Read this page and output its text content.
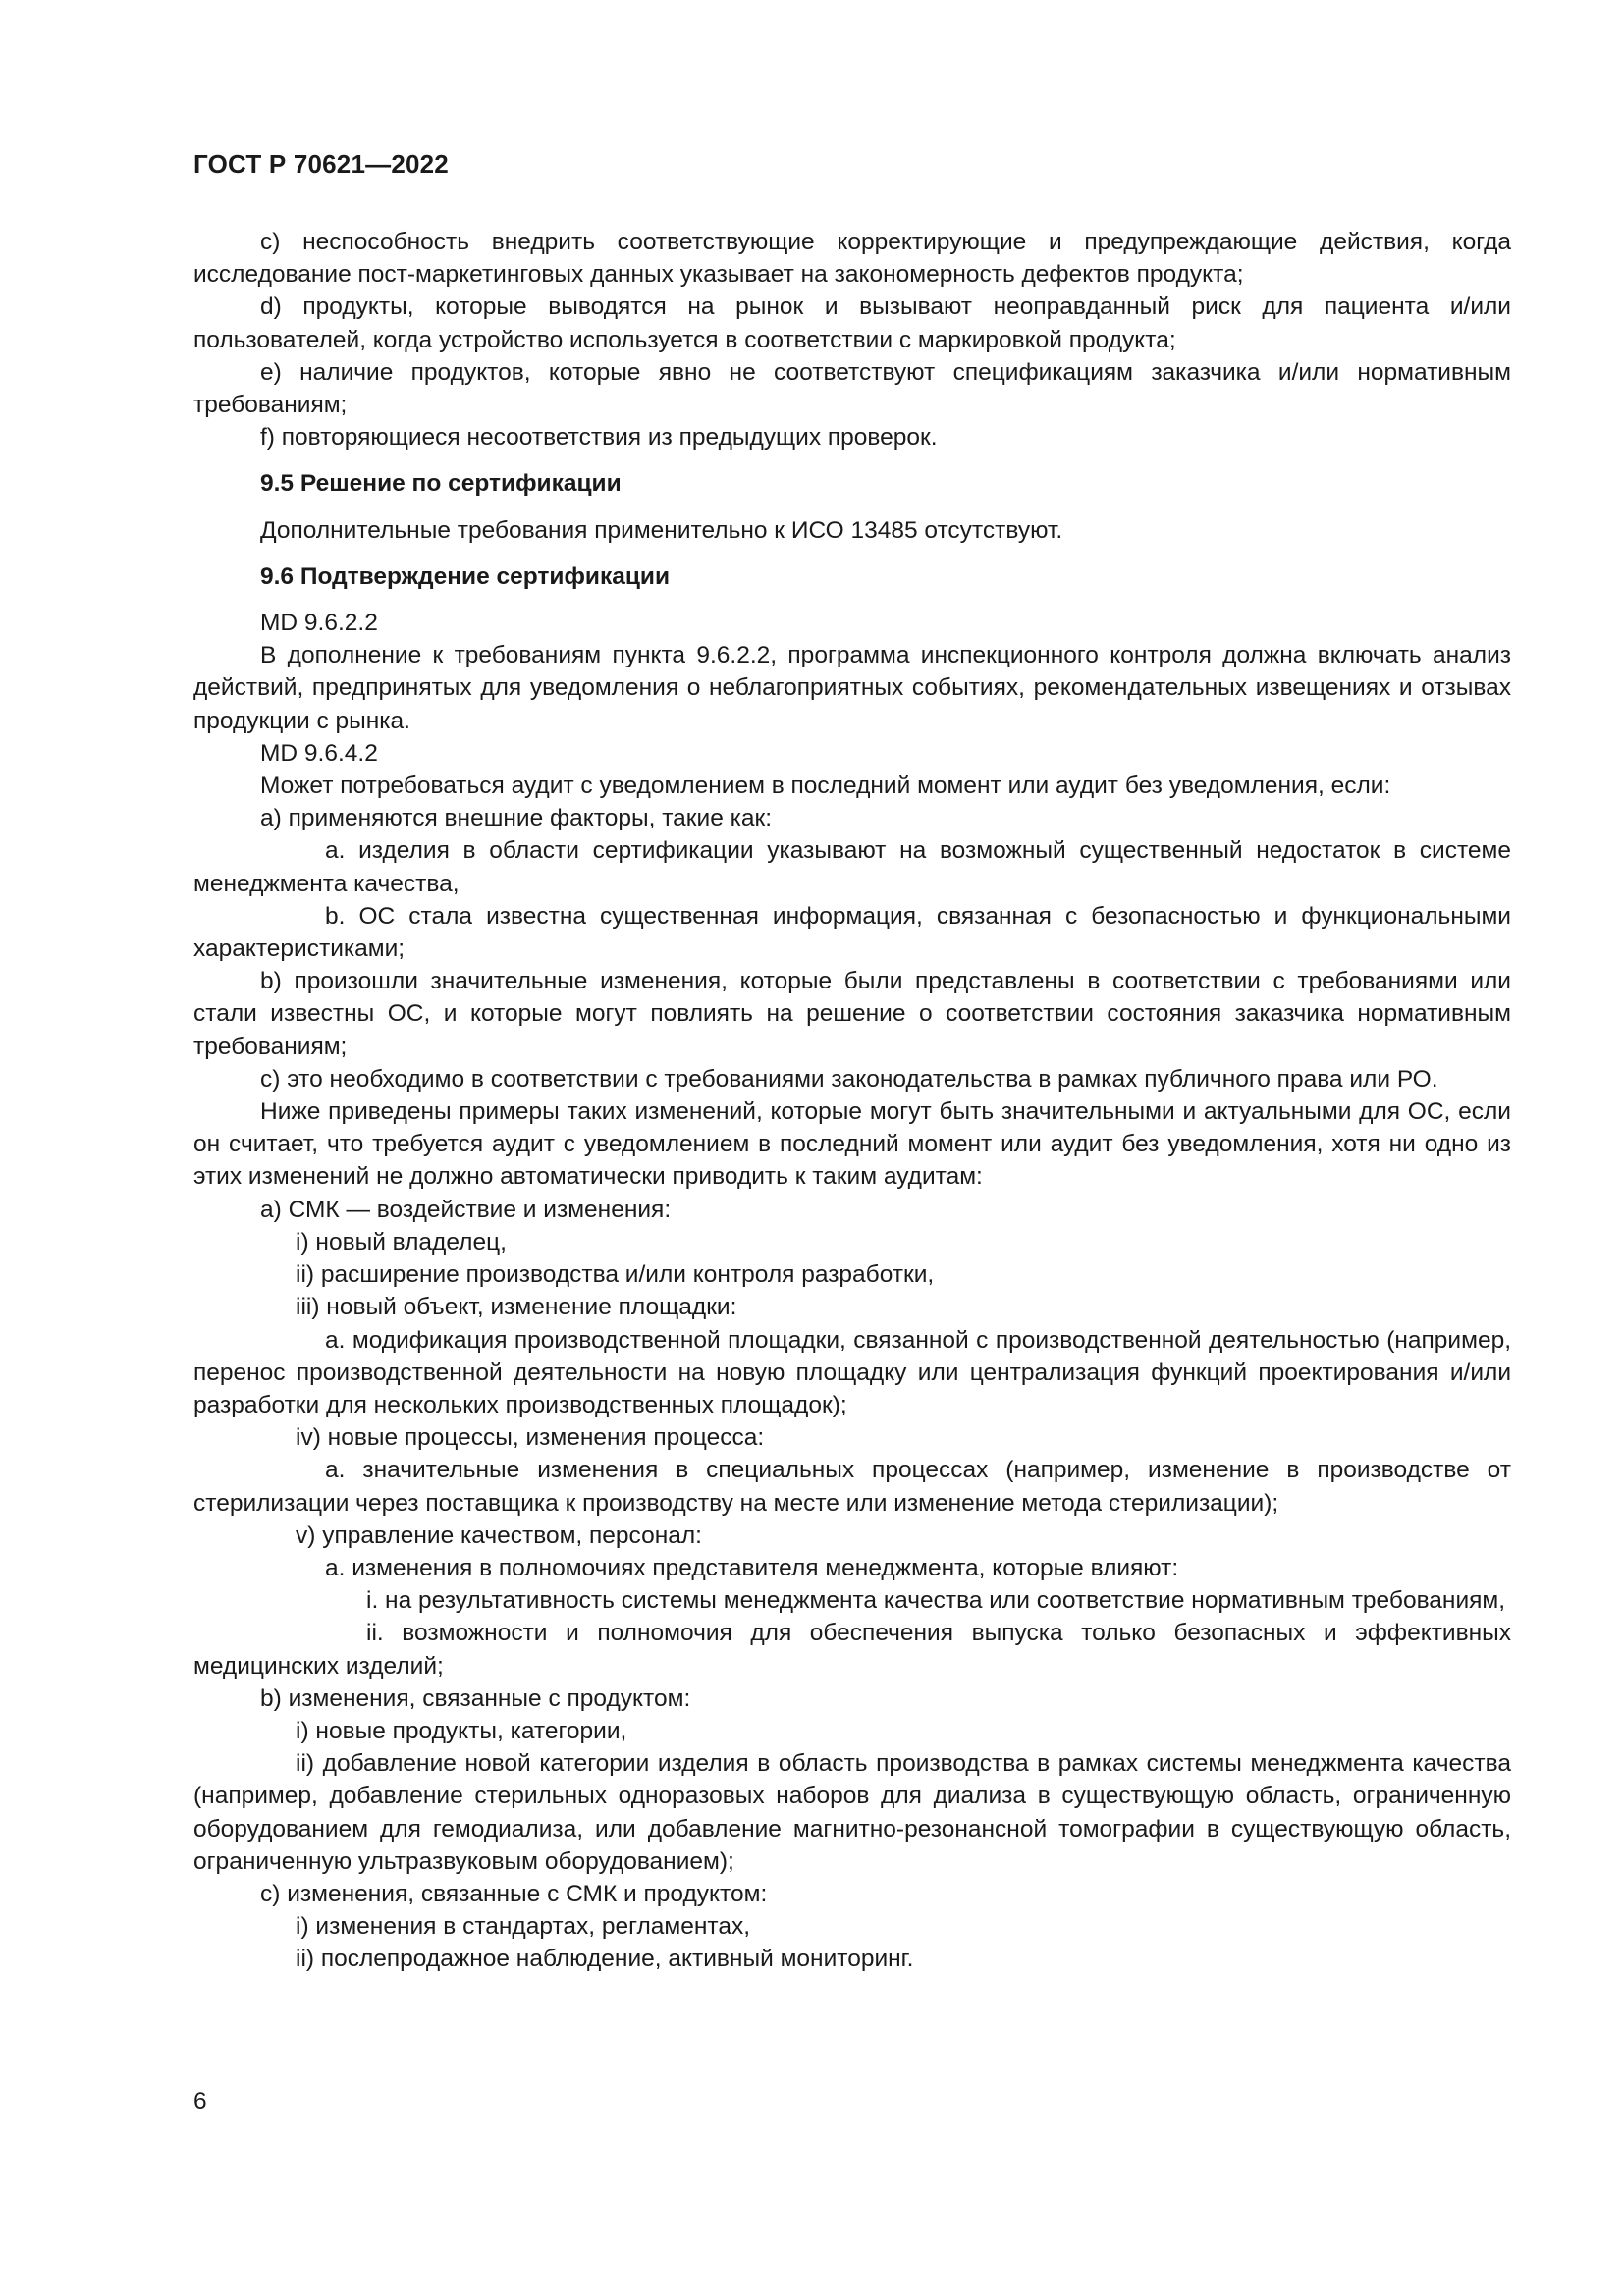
ГОСТ Р 70621—2022

c) неспособность внедрить соответствующие корректирующие и предупреждающие действия, когда исследование пост-маркетинговых данных указывает на закономерность дефектов продукта;

d) продукты, которые выводятся на рынок и вызывают неоправданный риск для пациента и/или пользователей, когда устройство используется в соответствии с маркировкой продукта;

e) наличие продуктов, которые явно не соответствуют спецификациям заказчика и/или нормативным требованиям;

f) повторяющиеся несоответствия из предыдущих проверок.

9.5 Решение по сертификации

Дополнительные требования применительно к ИСО 13485 отсутствуют.

9.6 Подтверждение сертификации

MD 9.6.2.2

В дополнение к требованиям пункта 9.6.2.2, программа инспекционного контроля должна включать анализ действий, предпринятых для уведомления о неблагоприятных событиях, рекомендательных извещениях и отзывах продукции с рынка.

MD 9.6.4.2

Может потребоваться аудит с уведомлением в последний момент или аудит без уведомления, если:

a) применяются внешние факторы, такие как:

a. изделия в области сертификации указывают на возможный существенный недостаток в системе менеджмента качества,

b. ОС стала известна существенная информация, связанная с безопасностью и функциональными характеристиками;

b) произошли значительные изменения, которые были представлены в соответствии с требованиями или стали известны ОС, и которые могут повлиять на решение о соответствии состояния заказчика нормативным требованиям;

c) это необходимо в соответствии с требованиями законодательства в рамках публичного права или РО.

Ниже приведены примеры таких изменений, которые могут быть значительными и актуальными для ОС, если он считает, что требуется аудит с уведомлением в последний момент или аудит без уведомления, хотя ни одно из этих изменений не должно автоматически приводить к таким аудитам:

a) СМК — воздействие и изменения:

i) новый владелец,

ii) расширение производства и/или контроля разработки,

iii) новый объект, изменение площадки:

a. модификация производственной площадки, связанной с производственной деятельностью (например, перенос производственной деятельности на новую площадку или централизация функций проектирования и/или разработки для нескольких производственных площадок);

iv) новые процессы, изменения процесса:

a. значительные изменения в специальных процессах (например, изменение в производстве от стерилизации через поставщика к производству на месте или изменение метода стерилизации);

v) управление качеством, персонал:

a. изменения в полномочиях представителя менеджмента, которые влияют:

i. на результативность системы менеджмента качества или соответствие нормативным требованиям,

ii. возможности и полномочия для обеспечения выпуска только безопасных и эффективных медицинских изделий;

b) изменения, связанные с продуктом:

i) новые продукты, категории,

ii) добавление новой категории изделия в область производства в рамках системы менеджмента качества (например, добавление стерильных одноразовых наборов для диализа в существующую область, ограниченную оборудованием для гемодиализа, или добавление магнитно-резонансной томографии в существующую область, ограниченную ультразвуковым оборудованием);

c) изменения, связанные с СМК и продуктом:

i) изменения в стандартах, регламентах,

ii) послепродажное наблюдение, активный мониторинг.

6
